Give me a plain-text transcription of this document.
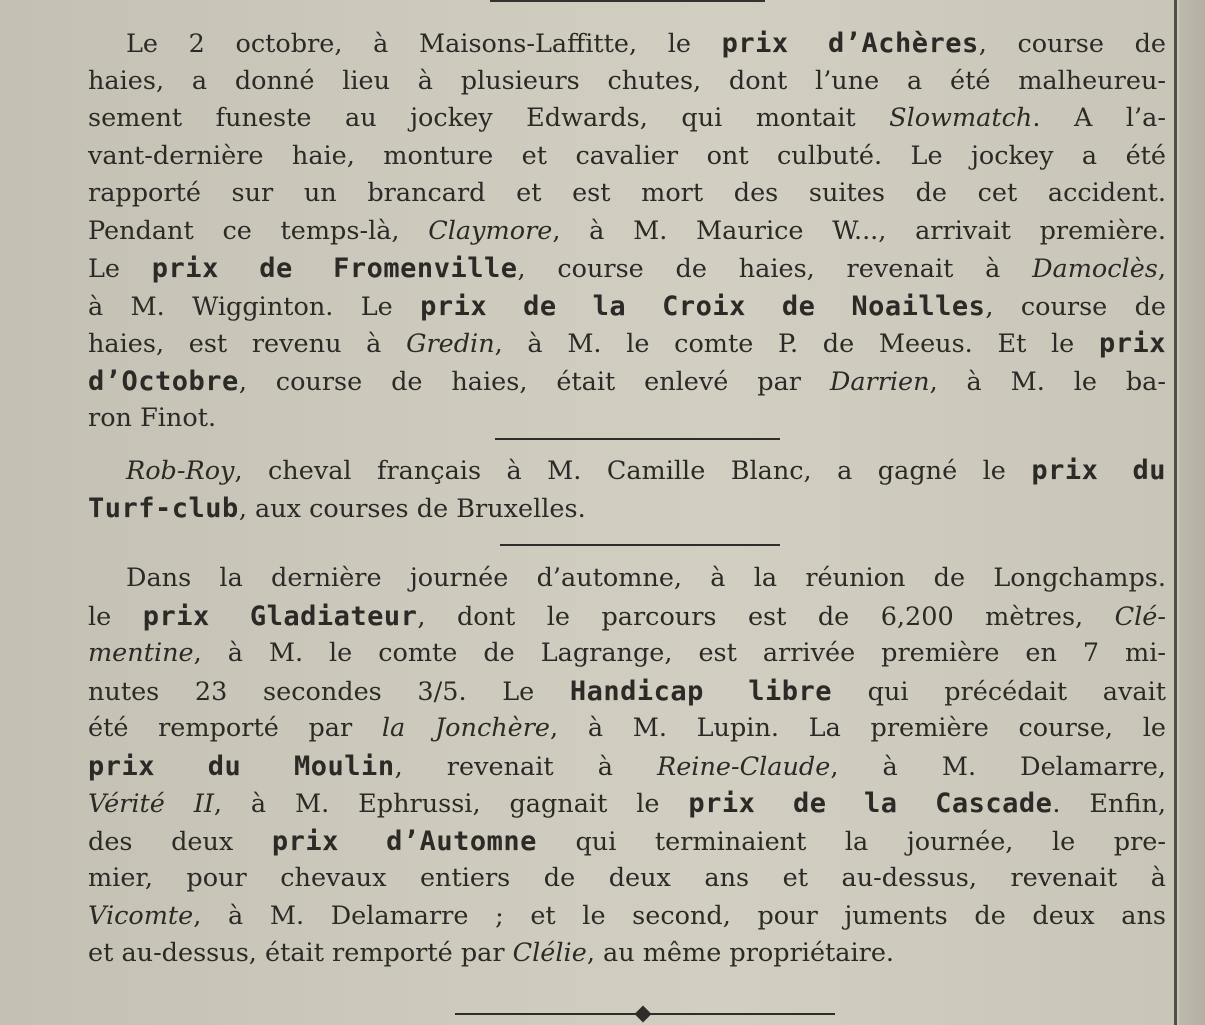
Le 2 octobre, à Maisons-Laffitte, le prix d’Achères, course de
haies, a donné lieu à plusieurs chutes, dont l’une a été malheureu-
sement funeste au jockey Edwards, qui montait Slowmatch. A l’a-
vant-dernière haie, monture et cavalier ont culbuté. Le jockey a été
rapporté sur un brancard et est mort des suites de cet accident.
Pendant ce temps-là, Claymore, à M. Maurice W..., arrivait première.
Le prix de Fromenville, course de haies, revenait à Damoclès,
à M. Wigginton. Le prix de la Croix de Noailles, course de
haies, est revenu à Gredin, à M. le comte P. de Meeus. Et le prix
d’Octobre, course de haies, était enlevé par Darrien, à M. le ba-
ron Finot.
Rob-Roy, cheval français à M. Camille Blanc, a gagné le prix du
Turf-club, aux courses de Bruxelles.
Dans la dernière journée d’automne, à la réunion de Longchamps.
le prix Gladiateur, dont le parcours est de 6,200 mètres, Clé-
mentine, à M. le comte de Lagrange, est arrivée première en 7 mi-
nutes 23 secondes 3/5. Le Handicap libre qui précédait avait
été remporté par la Jonchère, à M. Lupin. La première course, le
prix du Moulin, revenait à Reine-Claude, à M. Delamarre,
Vérité II, à M. Ephrussi, gagnait le prix de la Cascade. Enfin,
des deux prix d’Automne qui terminaient la journée, le pre-
mier, pour chevaux entiers de deux ans et au-dessus, revenait à
Vicomte, à M. Delamarre ; et le second, pour juments de deux ans
et au-dessus, était remporté par Clélie, au même propriétaire.
